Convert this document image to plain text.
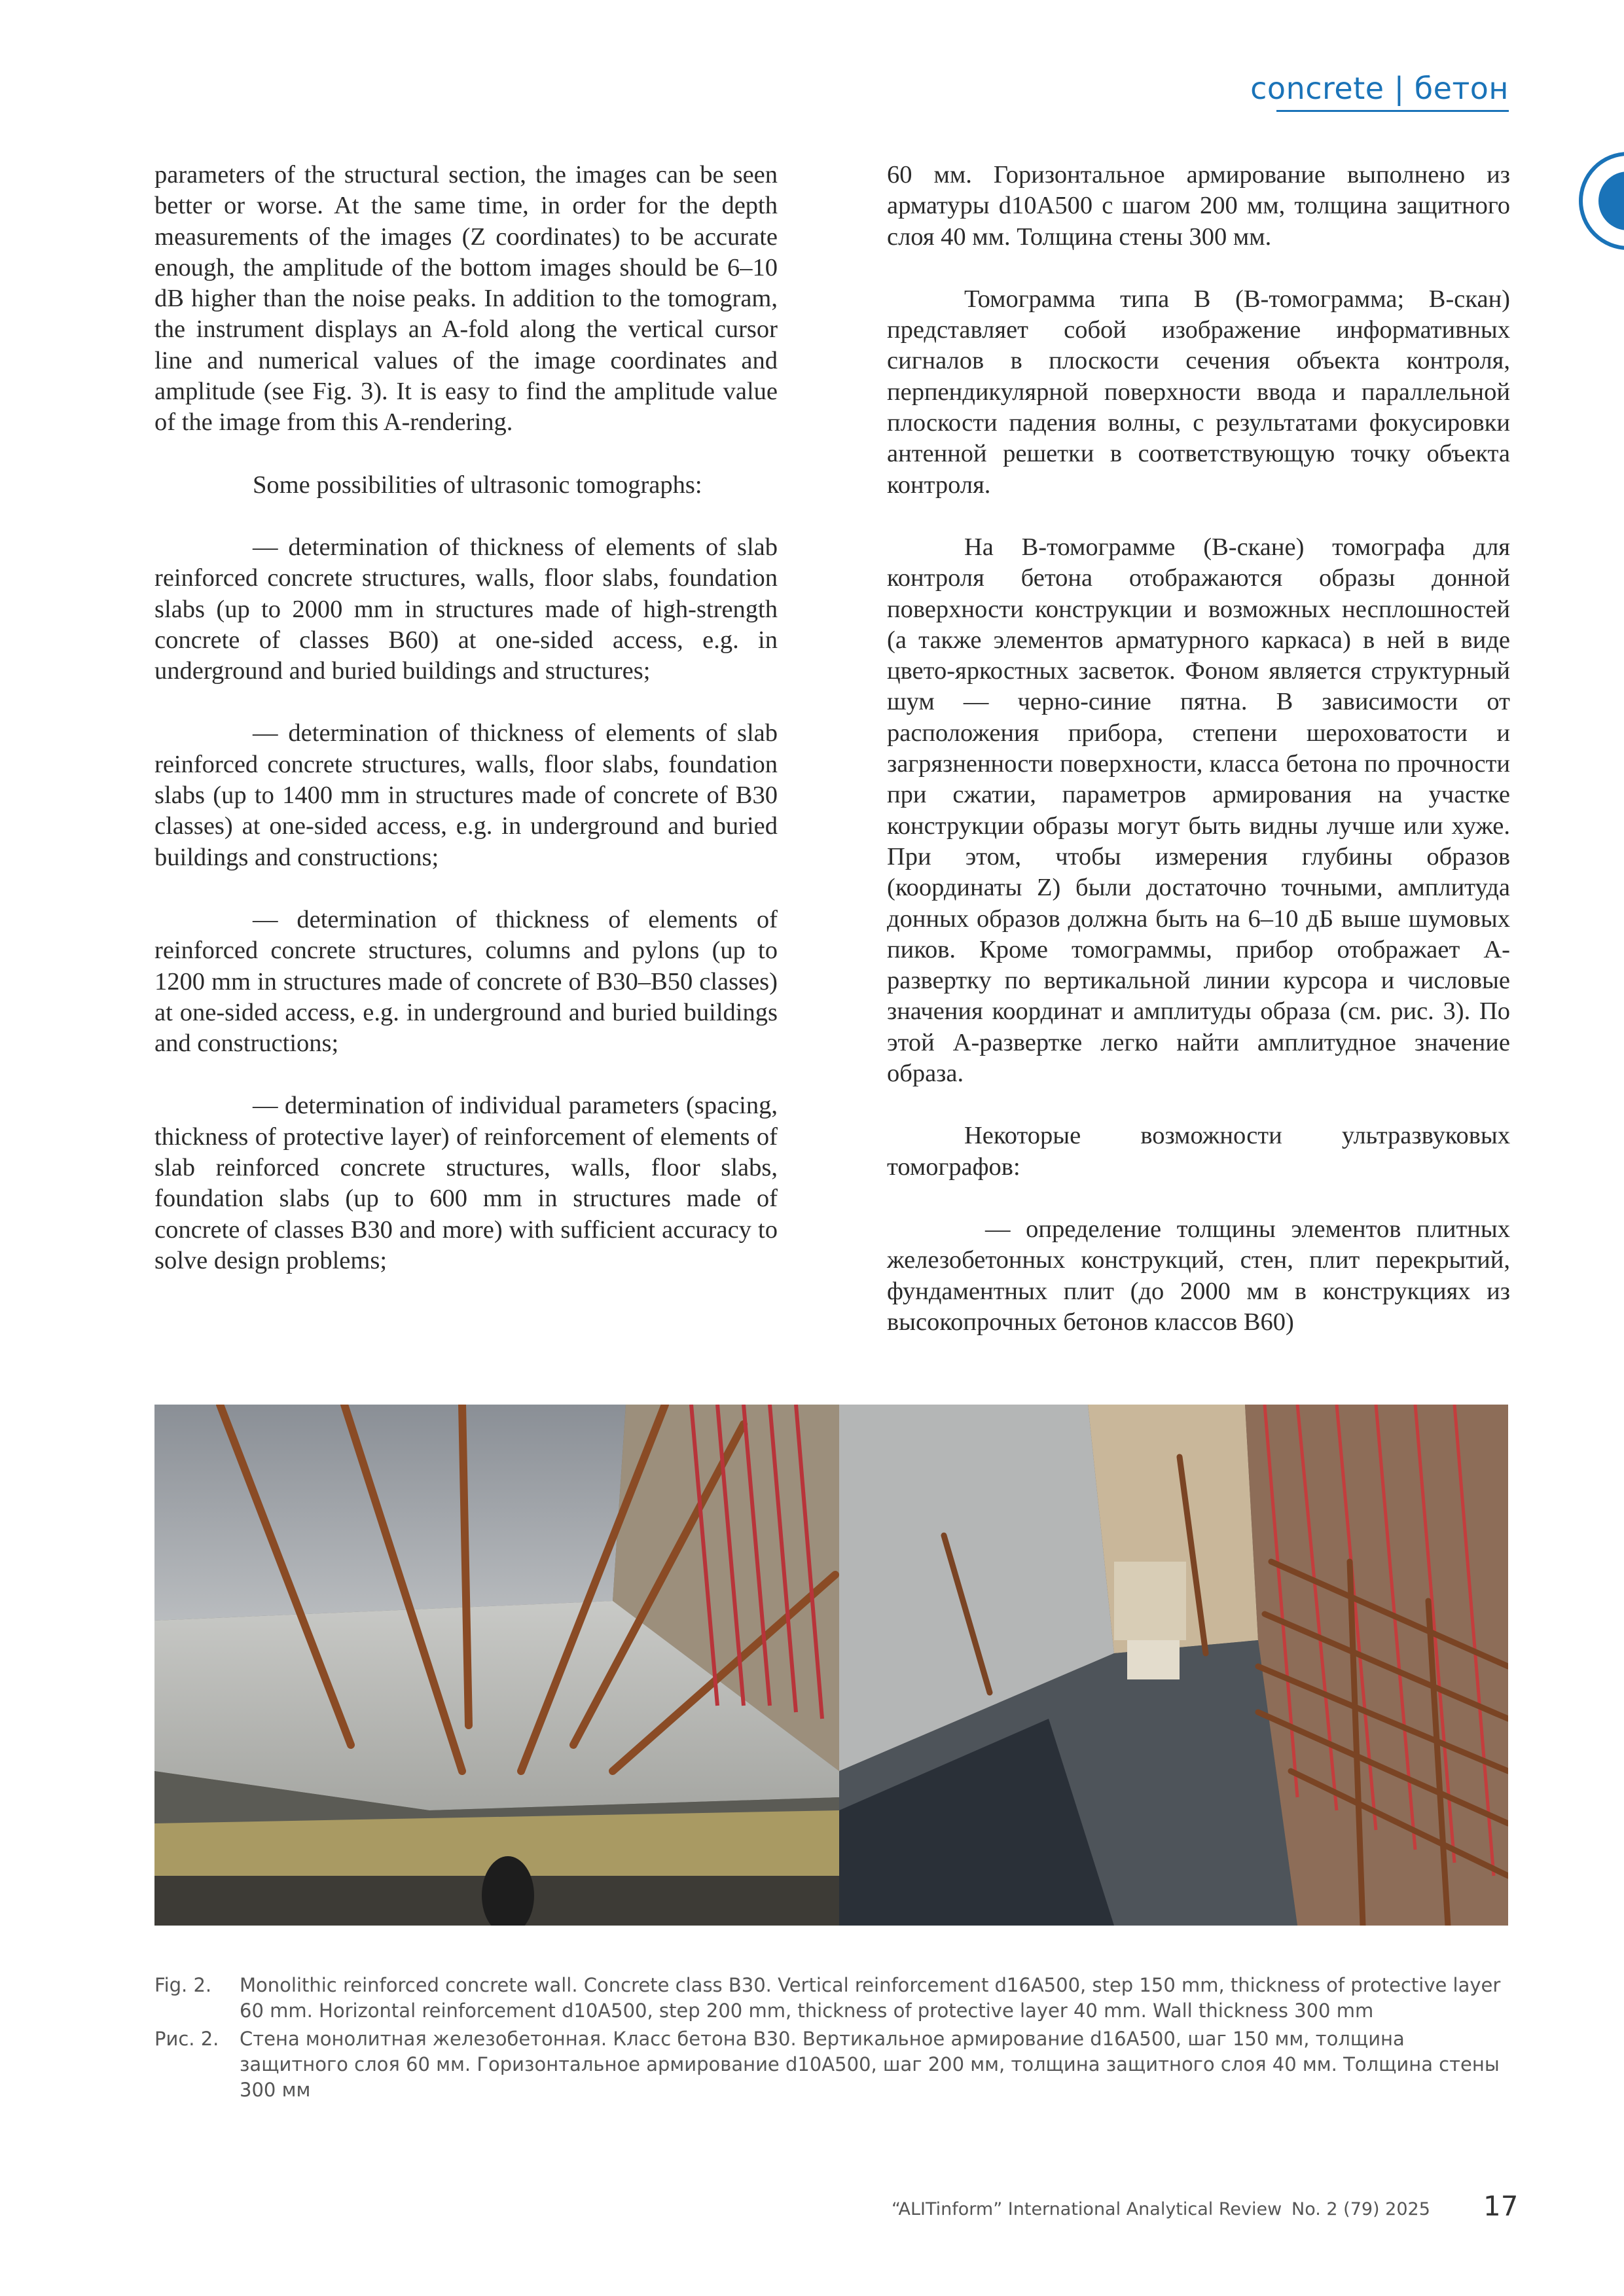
concrete | бетон

parameters of the structural section, the images can be seen better or worse. At the same time, in order for the depth measurements of the images (Z coordinates) to be accurate enough, the amplitude of the bottom images should be 6–10 dB higher than the noise peaks. In addition to the tomogram, the instrument displays an A-fold along the vertical cursor line and numerical values of the image coordinates and amplitude (see Fig. 3). It is easy to find the amplitude value of the image from this A-rendering.

Some possibilities of ultrasonic tomographs:

— determination of thickness of elements of slab reinforced concrete structures, walls, floor slabs, foundation slabs (up to 2000 mm in structures made of high-strength concrete of classes B60) at one-sided access, e.g. in underground and buried buildings and structures;

— determination of thickness of elements of slab reinforced concrete structures, walls, floor slabs, foundation slabs (up to 1400 mm in structures made of concrete of B30 classes) at one-sided access, e.g. in underground and buried buildings and constructions;

— determination of thickness of elements of reinforced concrete structures, columns and pylons (up to 1200 mm in structures made of concrete of B30–B50 classes) at one-sided access, e.g. in underground and buried buildings and constructions;

— determination of individual parameters (spacing, thickness of protective layer) of reinforcement of elements of slab reinforced concrete structures, walls, floor slabs, foundation slabs (up to 600 mm in structures made of concrete of classes B30 and more) with sufficient accuracy to solve design problems;

60 мм. Горизонтальное армирование выполнено из арматуры d10A500 с шагом 200 мм, толщина защитного слоя 40 мм. Толщина стены 300 мм.

Томограмма типа В (В-томограмма; В-скан) представляет собой изображение информативных сигналов в плоскости сечения объекта контроля, перпендикулярной поверхности ввода и параллельной плоскости падения волны, с результатами фокусировки антенной решетки в соответствующую точку объекта контроля.

На В-томограмме (В-скане) томографа для контроля бетона отображаются образы донной поверхности конструкции и возможных несплошностей (а также элементов арматурного каркаса) в ней в виде цвето-яркостных засветок. Фоном является структурный шум — черно-синие пятна. В зависимости от расположения прибора, степени шероховатости и загрязненности поверхности, класса бетона по прочности при сжатии, параметров армирования на участке конструкции образы могут быть видны лучше или хуже. При этом, чтобы измерения глубины образов (координаты Z) были достаточно точными, амплитуда донных образов должна быть на 6–10 дБ выше шумовых пиков. Кроме томограммы, прибор отображает А-развертку по вертикальной линии курсора и числовые значения координат и амплитуды образа (см. рис. 3). По этой А-развертке легко найти амплитудное значение образа.

Некоторые возможности ультразвуковых томографов:

— определение толщины элементов плитных железобетонных конструкций, стен, плит перекрытий, фундаментных плит (до 2000 мм в конструкциях из высокопрочных бетонов классов В60)

Fig. 2. Monolithic reinforced concrete wall. Concrete class B30. Vertical reinforcement d16A500, step 150 mm, thickness of protective layer 60 mm. Horizontal reinforcement d10A500, step 200 mm, thickness of protective layer 40 mm. Wall thickness 300 mm
Рис. 2. Стена монолитная железобетонная. Класс бетона В30. Вертикальное армирование d16A500, шаг 150 мм, толщина защитного слоя 60 мм. Горизонтальное армирование d10A500, шаг 200 мм, толщина защитного слоя 40 мм. Толщина стены 300 мм
“ALITinform” International Analytical Review No. 2 (79) 2025 17
